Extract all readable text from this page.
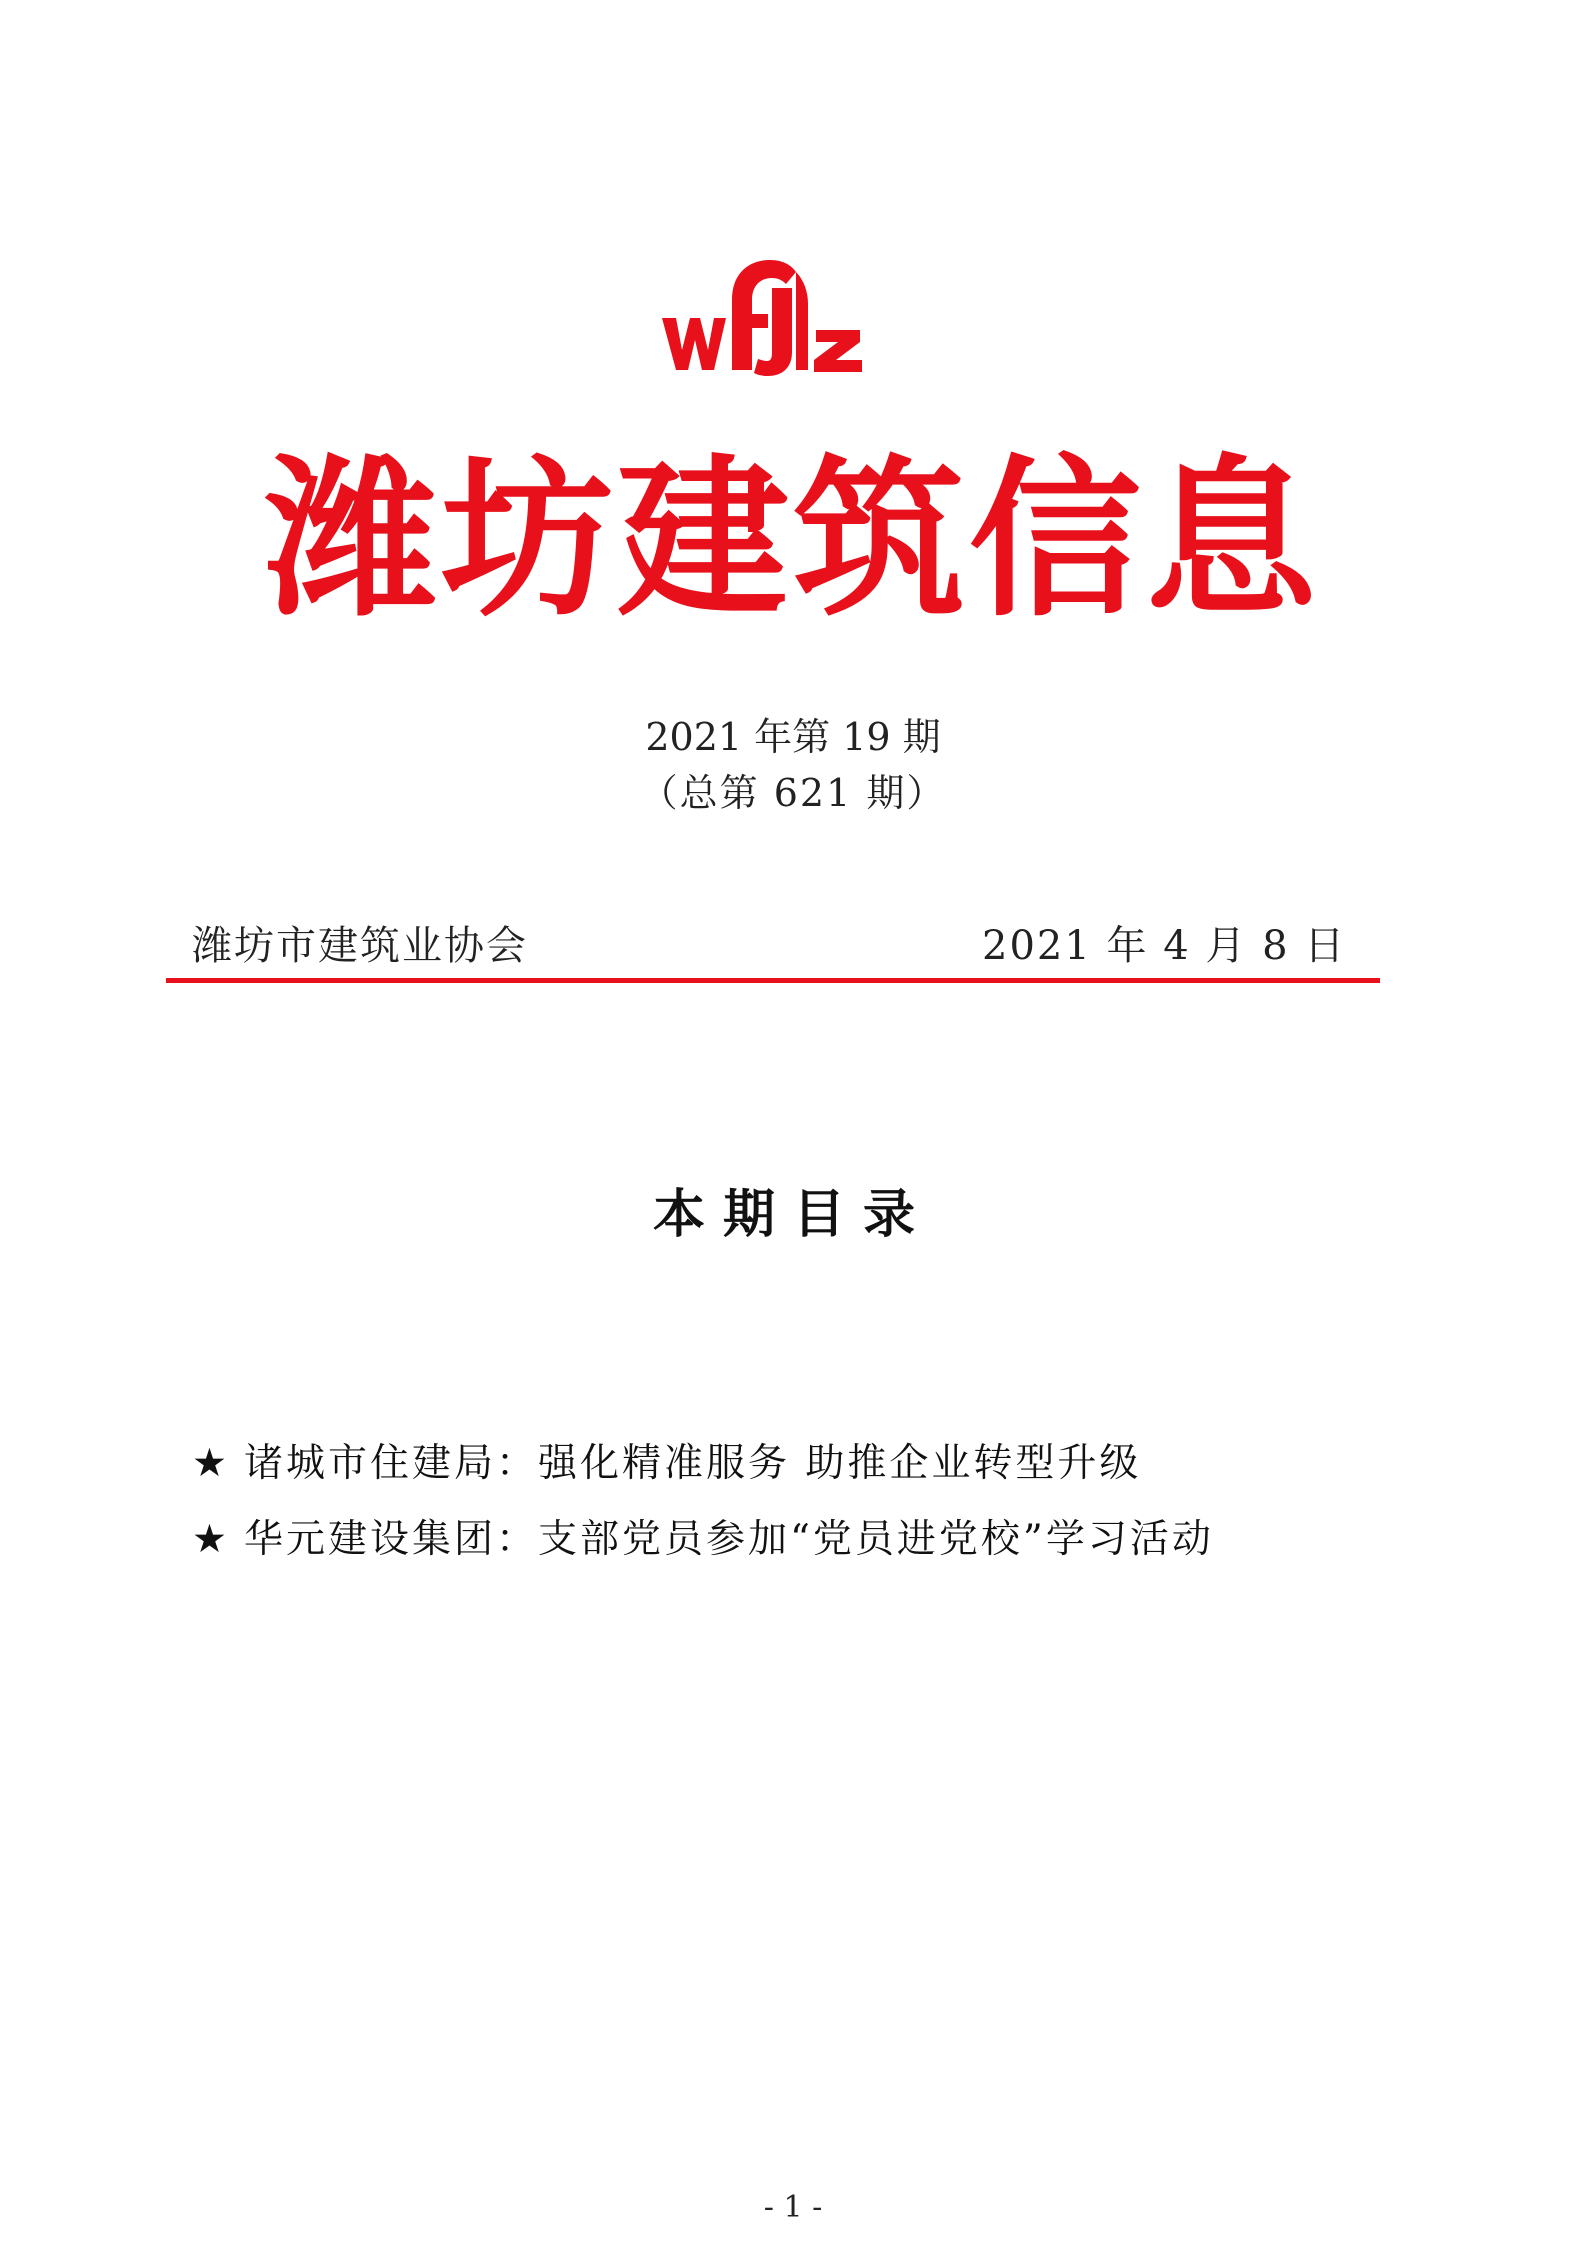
潍坊建筑信息
2021 年第 19 期
（总第 621 期）
潍坊市建筑业协会	2021 年 4 月 8 日
本期目录
★ 诸城市住建局：强化精准服务 助推企业转型升级
★ 华元建设集团：支部党员参加“党员进党校”学习活动
- 1 -
